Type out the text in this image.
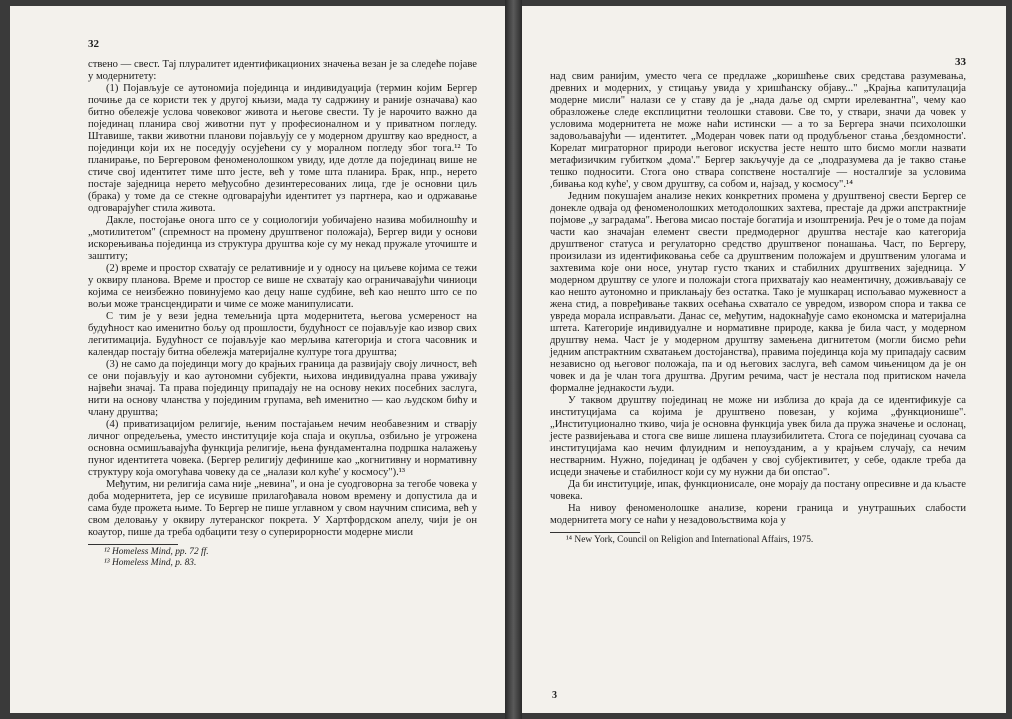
32

ствено — свест. Тај плуралитет идентификационих значења везан је за следеће појаве у модернитету:

(1) Појављује се аутономија појединца и индивидуација (термин којим Бергер почиње да се користи тек у другој књизи, мада ту садржину и раније означава) као битно обележје услова човековог живота и његове свести. Ту је нарочито важно да појединац планира свој животни пут у професионалном и у приватном погледу. Штавише, такви животни планови појављују се у модерном друштву као вредност, а појединци који их не поседују осујећени су у моралном погледу због тога.¹² То планирање, по Бергеровом феноменолошком увиду, иде дотле да појединац више не стиче свој идентитет тиме што јесте, већ у томе шта планира. Брак, нпр., нерето постаје заједница нерето међусобно дезинтересованих лица, где је основни циљ (брака) у томе да се стекне одговарајући идентитет уз партнера, као и одржавање одговарајућег стила живота.

Дакле, постојање онога што се у социологији уобичајено назива мобилношћу и „мотилитетом" (спремност на промену друштвеног положаја), Бергер види у основи искорењивања појединца из структура друштва које су му некад пружале уточиште и заштиту;

(2) време и простор схватају се релативније и у односу на циљеве којима се тежи у оквиру планова. Време и простор се више не схватају као ограничавајући чиниоци којима се неизбежно повинујемо као децу наше судбине, већ као нешто што се по вољи може трансцендирати и чиме се може манипулисати.

С тим је у вези једна темељнија црта модернитета, његова усмереност на будућност као именитно бољу од прошлости, будућност се појављује као извор свих легитимација. Будућност се појављује као мерљива категорија и стога часовник и календар постају битна обележја материјалне културе тога друштва;

(3) не само да појединци могу до крајњих граница да развијају своју личност, већ се они појављују и као аутономни субјекти, њихова индивидуална права уживају највећи значај. Та права појединцу припадају не на основу неких посебних заслуга, нити на основу чланства у појединим групама, већ именитно — као људском бићу и члану друштва;

(4) приватизацијом религије, њеним постајањем нечим необавезним и стварју личног опредељења, уместо институције која спаја и окупља, озбиљно је угрожена основна осмишљавајућа функција религије, њена фундаментална подршка налажењу пуног идентитета човека. (Бергер религију дефинише као „когнитивну и нормативну структуру која омогућава човеку да се „налази кол куће' у космосу").¹³

Међутим, ни религија сама није „невина", и она је суодговорна за тегобе човека у доба модернитета, јер се исувише прилагођавала новом времену и допустила да и сама буде прожета њиме. То Бергер не пише углавном у свом научним списима, већ у свом деловању у оквиру лутеранског покрета. У Хартфордском апелу, чији је он коаутор, пише да треба одбацити тезу о суперирорности модерне мисли

¹² Homeless Mind, pp. 72 ff.
¹³ Homeless Mind, p. 83.
33

над свим ранијим, уместо чега се предлаже „коришћење свих средстава разумевања, древних и модерних, у стицању увида у хришћанску објаву..." „Крајња капитулација модерне мисли" налази се у ставу да је „нада даље од смрти ирелевантна", чему као образложење следе експлицитни теолошки ставови. Све то, у ствари, значи да човек у условима модернитета не може наћи истински — а то за Бергера значи психолошки задовољавајући — идентитет. „Модеран човек пати од продубљеног стања ,бездомности'. Корелат миграторног природи његовог искуства јесте нешто што бисмо могли назвати метафизичким губитком ,дома'." Бергер закључује да се „подразумева да је такво стање тешко подносити. Стога оно ствара сопствене носталгије — носталгије за условима ,бивања код куће', у свом друштву, са собом и, најзад, у космосу".¹⁴

Једним покушајем анализе неких конкретних промена у друштвеној свести Бергер се донекле одваја од феноменолошких методолошких захтева, престаје да држи апстрактније појмове „у заградама". Његова мисао постаје богатија и изоштренија. Реч је о томе да појам части као значајан елемент свести предмодерног друштва нестаје као категорија друштвеног статуса и регулаторно средство друштвеног понашања. Част, по Бергеру, произилази из идентификовања себе са друштвеним положајем и друштвеним улогама и захтевима које они носе, унутар густо тканих и стабилних друштвених заједница. У модерном друштву се улоге и положаји стога прихватају као неаментичну, доживљавају се као нешто аутономно и приклањају без остатка. Тако је мушкарац испољавао мужевност а жена стид, а повређивање таквих осећања схватало се увредом, извором спора и таква се увреда морала исправљати. Данас се, међутим, надокнађује само економска и материјална штета. Категорије индивидуалне и нормативне природе, каква је била част, у модерном друштву нема. Част је у модерном друштву замењена дигнитетом (могли бисмо рећи једним апстрактним схватањем достојанства), правима појединца која му припадају сасвим независно од његовог положаја, па и од његових заслуга, већ самом чињеницом да је он човек и да је члан тога друштва. Другим речима, част је нестала под притиском начела формалне једнакости људи.

У таквом друштву појединац не може ни изблиза до краја да се идентификује са институцијама са којима је друштвено повезан, у којима „функционише". „Институционално ткиво, чија је основна функција увек била да пружа значење и ослонац, јесте развијењава и стога све више лишена плаузибилитета. Стога се појединац суочава са институцијама као нечим флуидним и непоузданим, а у крајњем случају, са нечим нестварним. Нужно, појединац је одбачен у свој субјективитет, у себе, одакле треба да исцеди значење и стабилност који су му нужни да би опстао".

Да би институције, ипак, функционисале, оне морају да постану опресивне и да кљасте човека.

На нивоу феноменолошке анализе, корени граница и унутрашњих слабости модернитета могу се наћи у незадовољствима која у

¹⁴ New York, Council on Religion and International Affairs, 1975.
3
